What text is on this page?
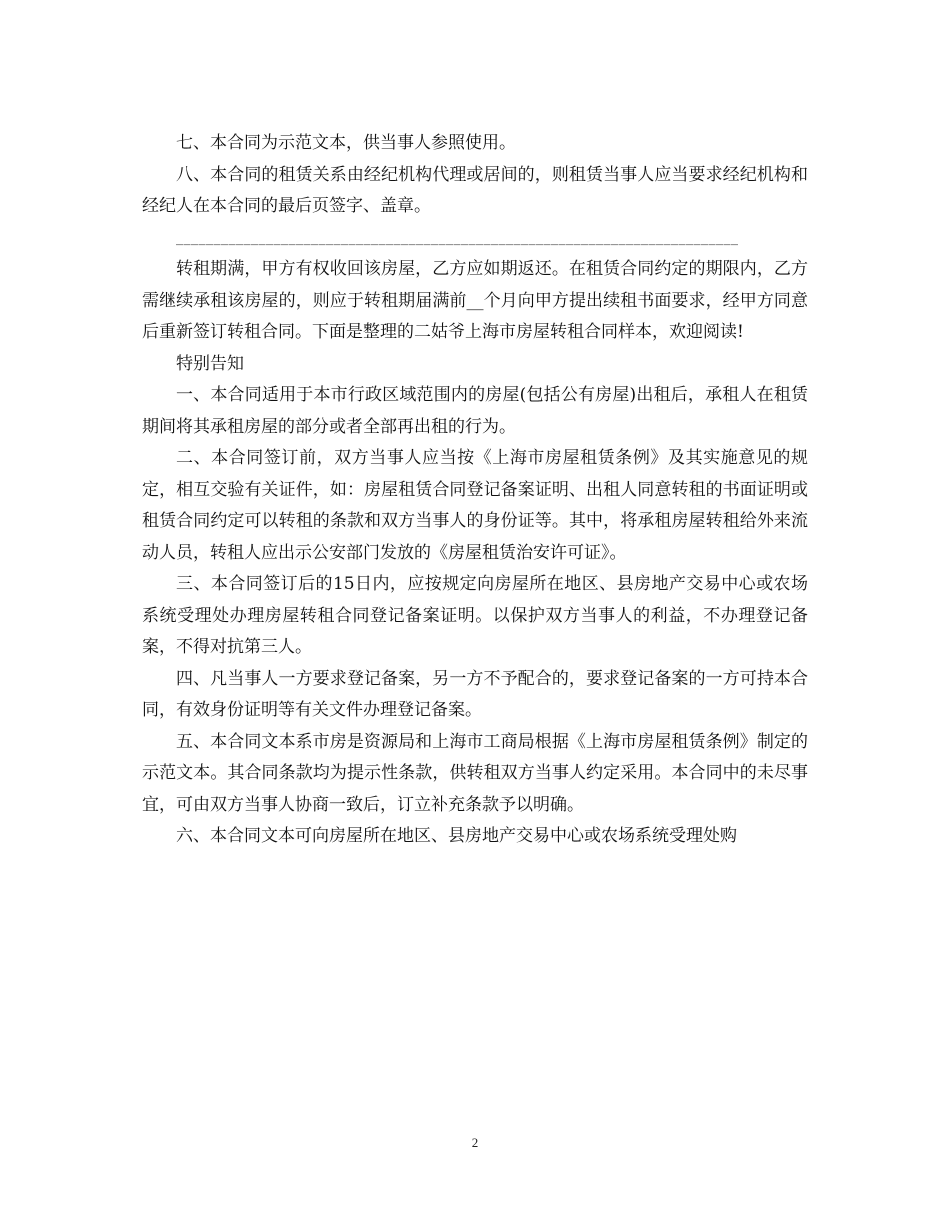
七、本合同为示范文本，供当事人参照使用。

八、本合同的租赁关系由经纪机构代理或居间的，则租赁当事人应当要求经纪机构和经纪人在本合同的最后页签字、盖章。

___________________________________________________________________________

转租期满，甲方有权收回该房屋，乙方应如期返还。在租赁合同约定的期限内，乙方需继续承租该房屋的，则应于转租期届满前__个月向甲方提出续租书面要求，经甲方同意后重新签订转租合同。下面是整理的二姑爷上海市房屋转租合同样本，欢迎阅读!

特别告知

一、本合同适用于本市行政区域范围内的房屋(包括公有房屋)出租后，承租人在租赁期间将其承租房屋的部分或者全部再出租的行为。

二、本合同签订前，双方当事人应当按《上海市房屋租赁条例》及其实施意见的规定，相互交验有关证件，如：房屋租赁合同登记备案证明、出租人同意转租的书面证明或租赁合同约定可以转租的条款和双方当事人的身份证等。其中，将承租房屋转租给外来流动人员，转租人应出示公安部门发放的《房屋租赁治安许可证》。

三、本合同签订后的15日内，应按规定向房屋所在地区、县房地产交易中心或农场系统受理处办理房屋转租合同登记备案证明。以保护双方当事人的利益，不办理登记备案，不得对抗第三人。

四、凡当事人一方要求登记备案，另一方不予配合的，要求登记备案的一方可持本合同，有效身份证明等有关文件办理登记备案。

五、本合同文本系市房是资源局和上海市工商局根据《上海市房屋租赁条例》制定的示范文本。其合同条款均为提示性条款，供转租双方当事人约定采用。本合同中的未尽事宜，可由双方当事人协商一致后，订立补充条款予以明确。

六、本合同文本可向房屋所在地区、县房地产交易中心或农场系统受理处购

2
